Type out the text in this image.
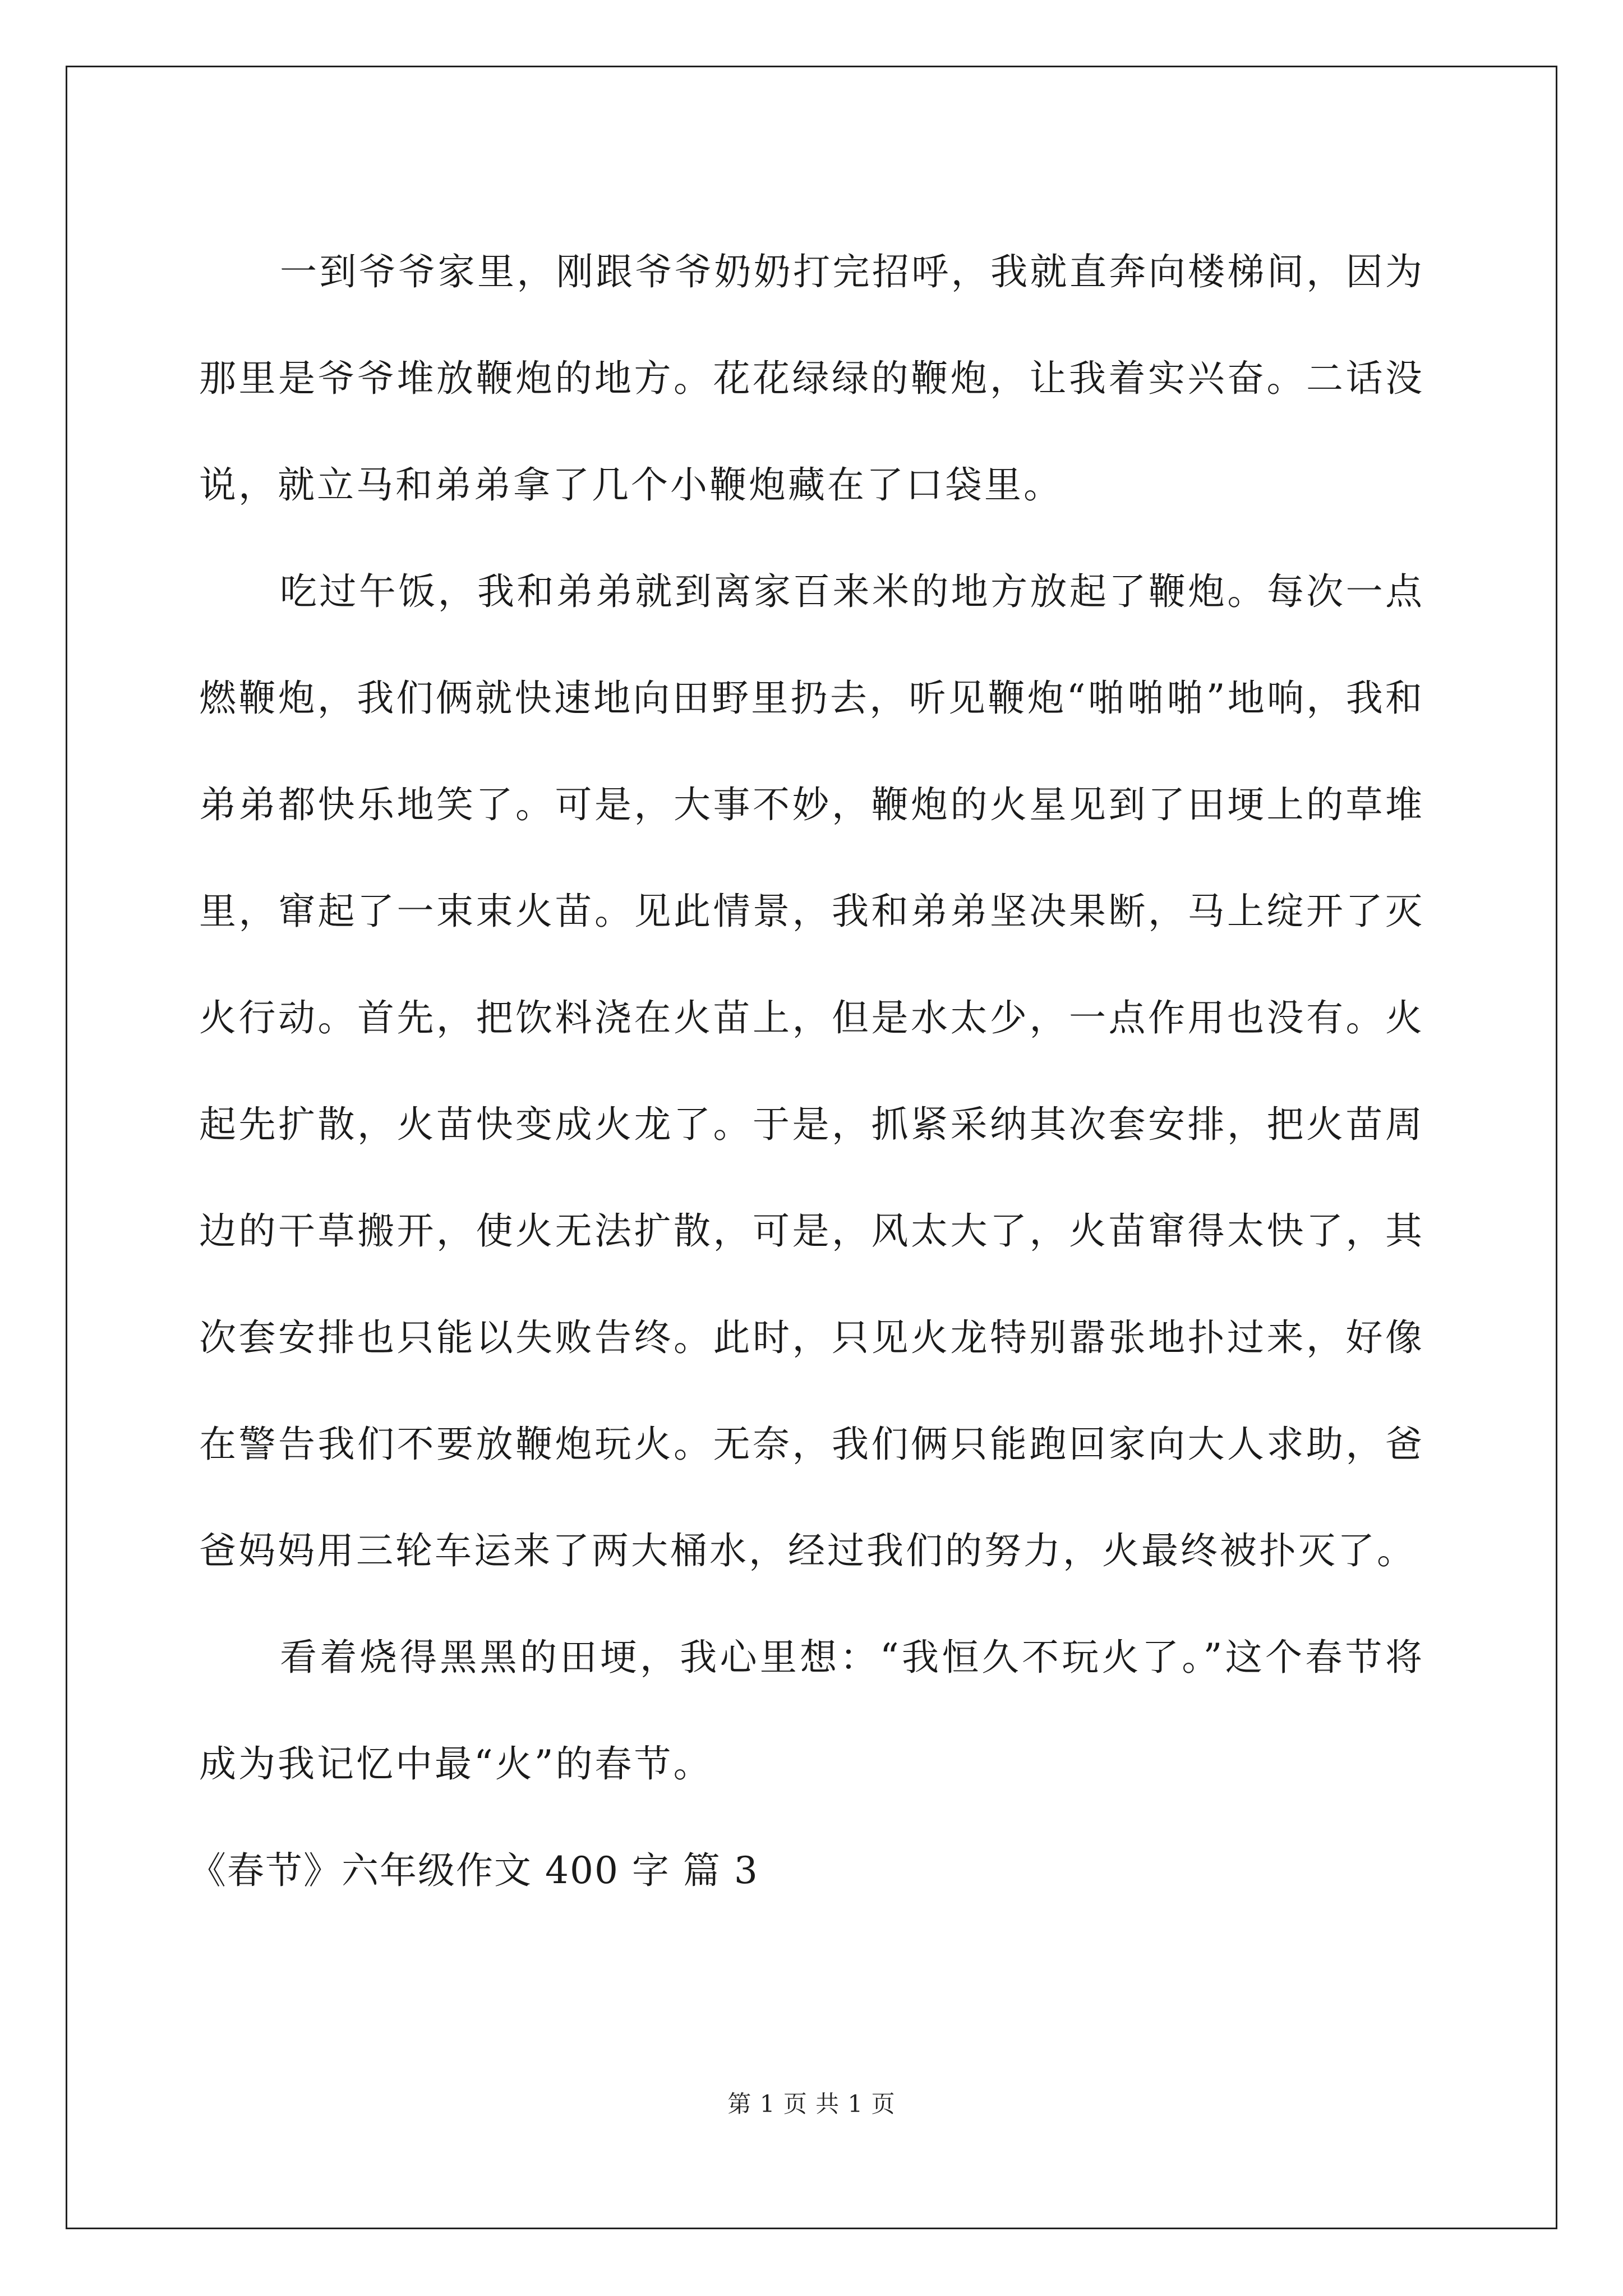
一到爷爷家里，刚跟爷爷奶奶打完招呼，我就直奔向楼梯间，因为那里是爷爷堆放鞭炮的地方。花花绿绿的鞭炮，让我着实兴奋。二话没说，就立马和弟弟拿了几个小鞭炮藏在了口袋里。

吃过午饭，我和弟弟就到离家百来米的地方放起了鞭炮。每次一点燃鞭炮，我们俩就快速地向田野里扔去，听见鞭炮“啪啪啪”地响，我和弟弟都快乐地笑了。可是，大事不妙，鞭炮的火星见到了田埂上的草堆里，窜起了一束束火苗。见此情景，我和弟弟坚决果断，马上绽开了灭火行动。首先，把饮料浇在火苗上，但是水太少，一点作用也没有。火起先扩散，火苗快变成火龙了。于是，抓紧采纳其次套安排，把火苗周边的干草搬开，使火无法扩散，可是，风太大了，火苗窜得太快了，其次套安排也只能以失败告终。此时，只见火龙特别嚣张地扑过来，好像在警告我们不要放鞭炮玩火。无奈，我们俩只能跑回家向大人求助，爸爸妈妈用三轮车运来了两大桶水，经过我们的努力，火最终被扑灭了。

看着烧得黑黑的田埂，我心里想：“我恒久不玩火了。”这个春节将成为我记忆中最“火”的春节。

《春节》六年级作文 400 字 篇 3

第 1 页 共 1 页
